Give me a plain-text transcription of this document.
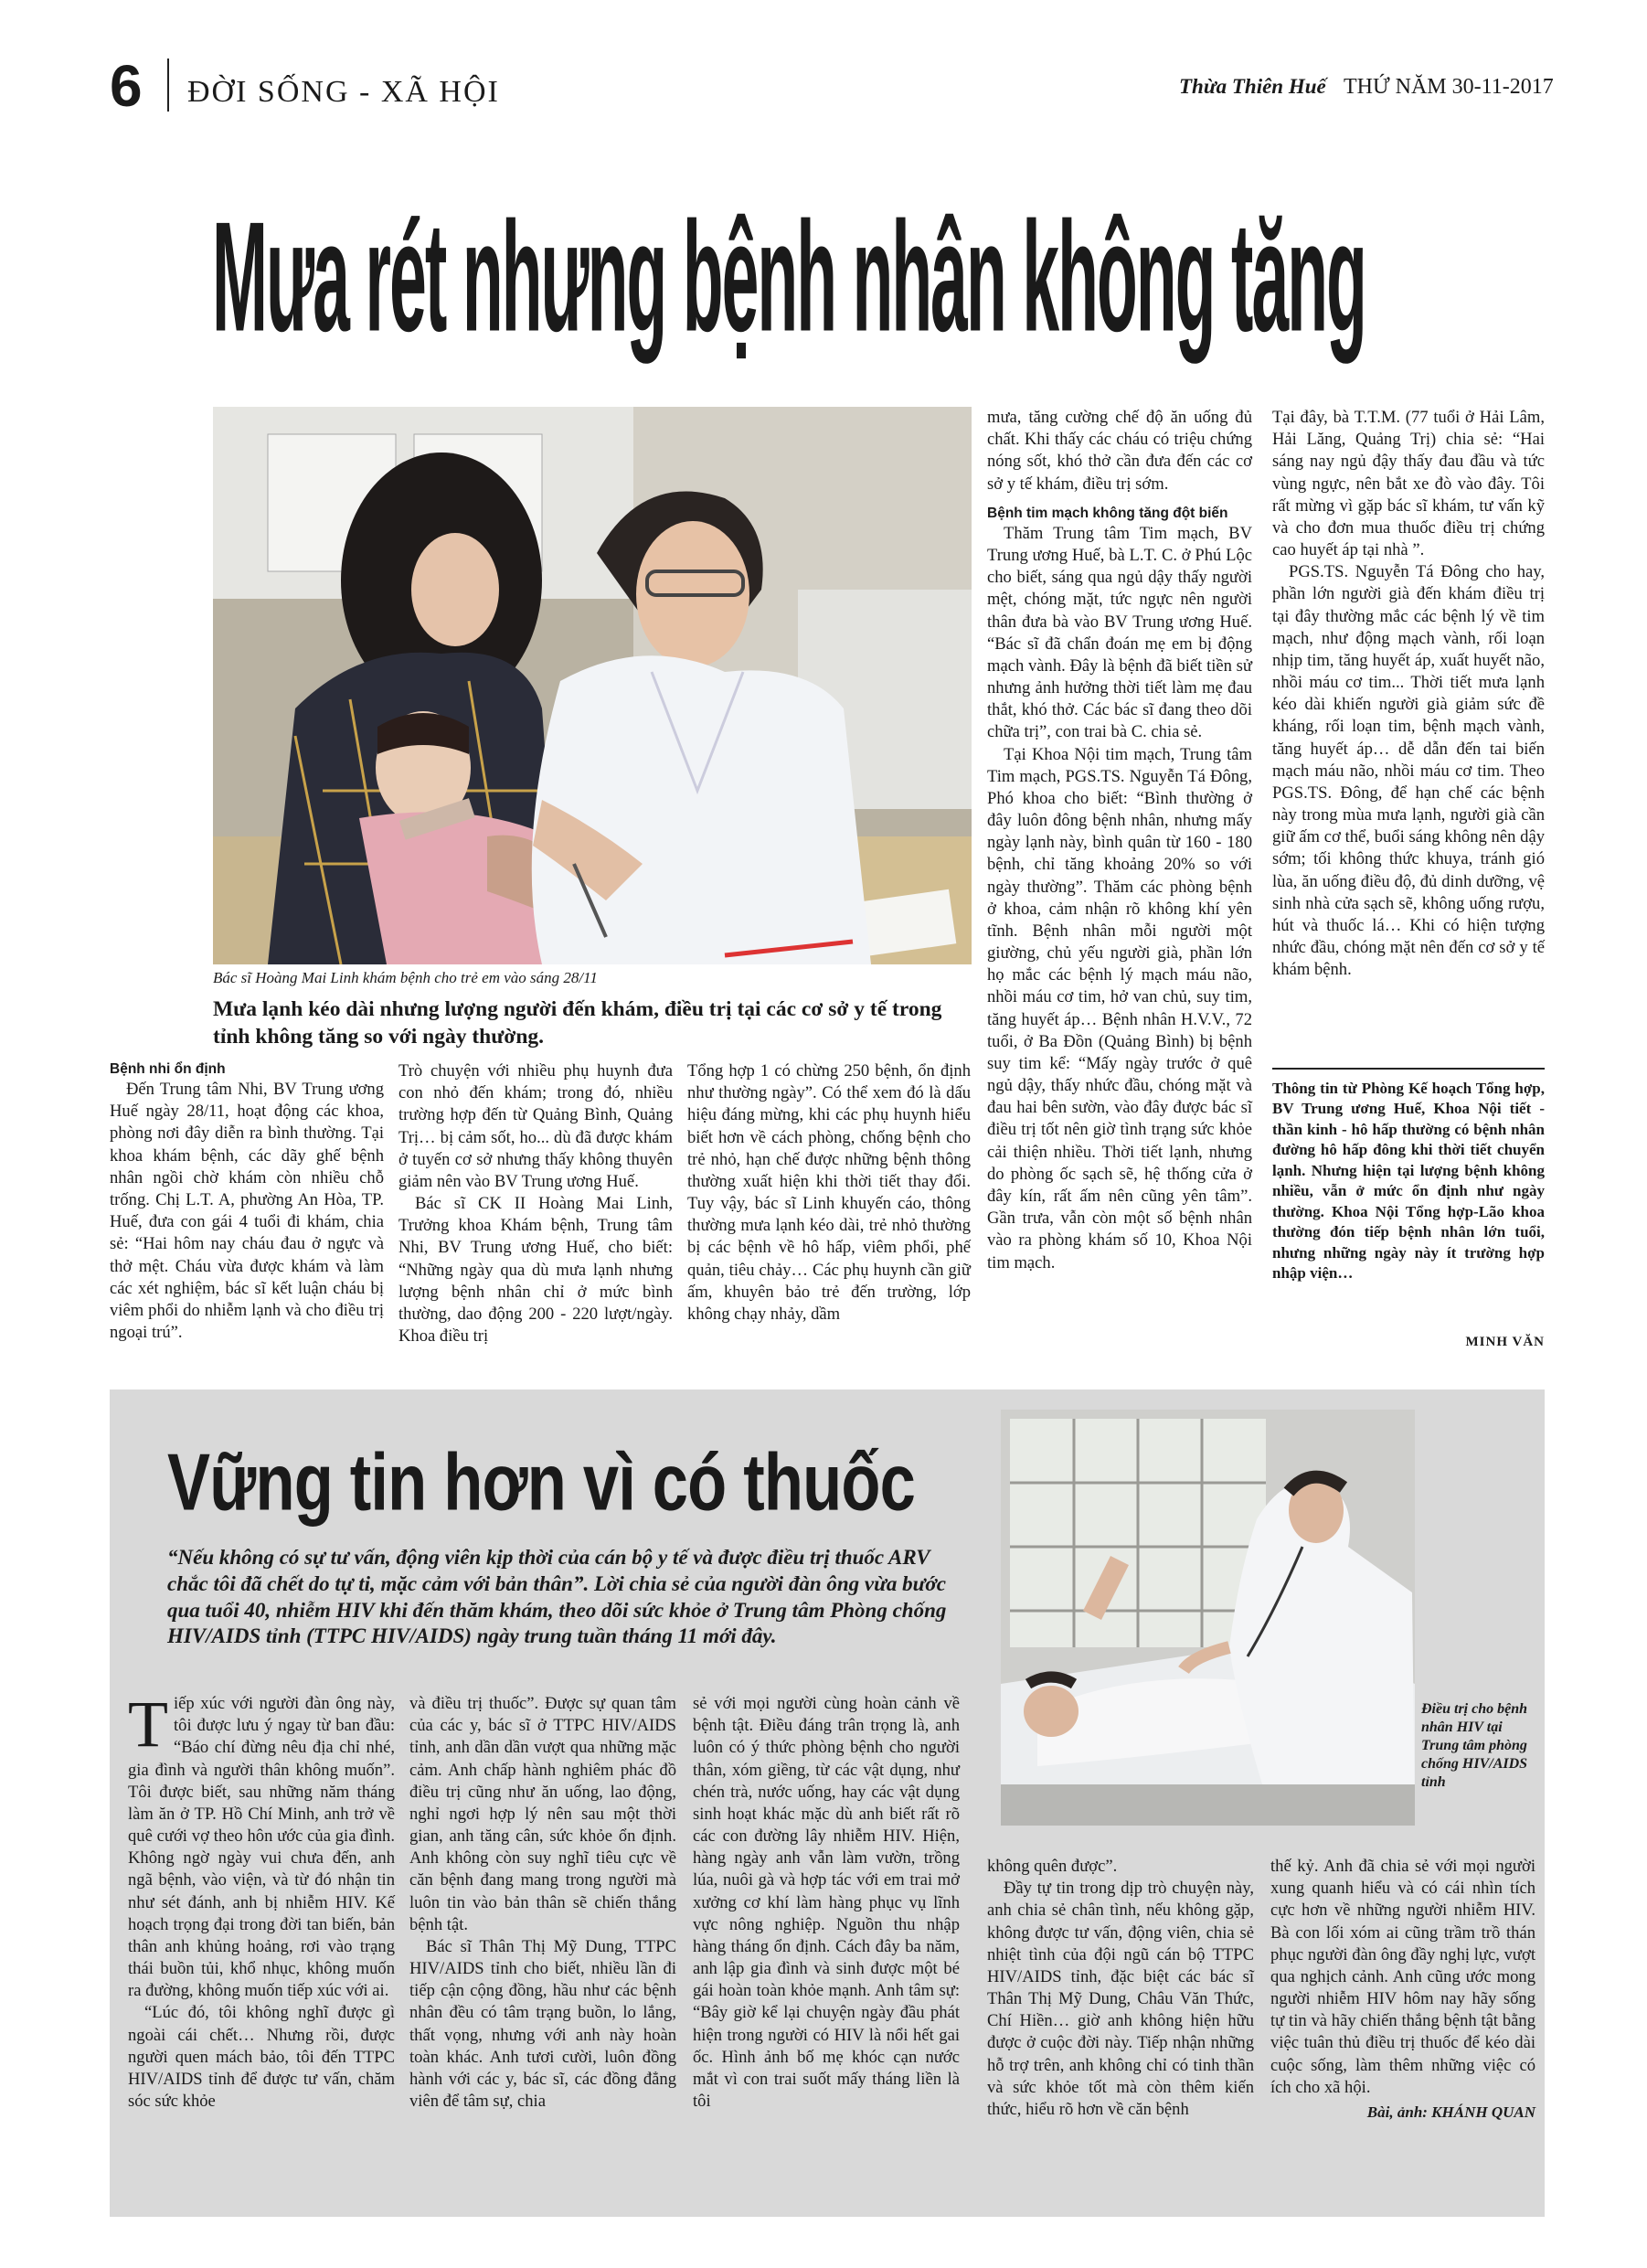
6 ĐỜI SỐNG - XÃ HỘI	Thừa Thiên Huế THỨ NĂM 30-11-2017
Mưa rét nhưng bệnh nhân không tăng
Bác sĩ Hoàng Mai Linh khám bệnh cho trẻ em vào sáng 28/11
Mưa lạnh kéo dài nhưng lượng người đến khám, điều trị tại các cơ sở y tế trong tỉnh không tăng so với ngày thường.
Bệnh nhi ổn định

Đến Trung tâm Nhi, BV Trung ương Huế ngày 28/11, hoạt động các khoa, phòng nơi đây diễn ra bình thường. Tại khoa khám bệnh, các dãy ghế bệnh nhân ngồi chờ khám còn nhiều chỗ trống. Chị L.T. A, phường An Hòa, TP. Huế, đưa con gái 4 tuổi đi khám, chia sẻ: “Hai hôm nay cháu đau ở ngực và thở mệt. Cháu vừa được khám và làm các xét nghiệm, bác sĩ kết luận cháu bị viêm phổi do nhiễm lạnh và cho điều trị ngoại trú”.

Trò chuyện với nhiều phụ huynh đưa con nhỏ đến khám; trong đó, nhiều trường hợp đến từ Quảng Bình, Quảng Trị… bị cảm sốt, ho... dù đã được khám ở tuyến cơ sở nhưng thấy không thuyên giảm nên vào BV Trung ương Huế.

Bác sĩ CK II Hoàng Mai Linh, Trưởng khoa Khám bệnh, Trung tâm Nhi, BV Trung ương Huế, cho biết: “Những ngày qua dù mưa lạnh nhưng lượng bệnh nhân chỉ ở mức bình thường, dao động 200 - 220 lượt/ngày. Khoa điều trị

Tổng hợp 1 có chừng 250 bệnh, ổn định như thường ngày”. Có thể xem đó là dấu hiệu đáng mừng, khi các phụ huynh hiểu biết hơn về cách phòng, chống bệnh cho trẻ nhỏ, hạn chế được những bệnh thông thường xuất hiện khi thời tiết thay đổi. Tuy vậy, bác sĩ Linh khuyến cáo, thông thường mưa lạnh kéo dài, trẻ nhỏ thường bị các bệnh về hô hấp, viêm phổi, phế quản, tiêu chảy… Các phụ huynh cần giữ ấm, khuyên bảo trẻ đến trường, lớp không chạy nhảy, dầm

mưa, tăng cường chế độ ăn uống đủ chất. Khi thấy các cháu có triệu chứng nóng sốt, khó thở cần đưa đến các cơ sở y tế khám, điều trị sớm.

Bệnh tim mạch không tăng đột biến

Thăm Trung tâm Tim mạch, BV Trung ương Huế, bà L.T. C. ở Phú Lộc cho biết, sáng qua ngủ dậy thấy người mệt, chóng mặt, tức ngực nên người thân đưa bà vào BV Trung ương Huế. “Bác sĩ đã chẩn đoán mẹ em bị động mạch vành. Đây là bệnh đã biết tiền sử nhưng ảnh hưởng thời tiết làm mẹ đau thắt, khó thở. Các bác sĩ đang theo dõi chữa trị”, con trai bà C. chia sẻ.

Tại Khoa Nội tim mạch, Trung tâm Tim mạch, PGS.TS. Nguyễn Tá Đông, Phó khoa cho biết: “Bình thường ở đây luôn đông bệnh nhân, nhưng mấy ngày lạnh này, bình quân từ 160 - 180 bệnh, chỉ tăng khoảng 20% so với ngày thường”. Thăm các phòng bệnh ở khoa, cảm nhận rõ không khí yên tĩnh. Bệnh nhân mỗi người một giường, chủ yếu người già, phần lớn họ mắc các bệnh lý mạch máu não, nhồi máu cơ tim, hở van chủ, suy tim, tăng huyết áp… Bệnh nhân H.V.V., 72 tuổi, ở Ba Đồn (Quảng Bình) bị bệnh suy tim kể: “Mấy ngày trước ở quê ngủ dậy, thấy nhức đầu, chóng mặt và đau hai bên sườn, vào đây được bác sĩ điều trị tốt nên giờ tình trạng sức khỏe cải thiện nhiều. Thời tiết lạnh, nhưng do phòng ốc sạch sẽ, hệ thống cửa ở đây kín, rất ấm nên cũng yên tâm”. Gần trưa, vẫn còn một số bệnh nhân vào ra phòng khám số 10, Khoa Nội tim mạch.

Tại đây, bà T.T.M. (77 tuổi ở Hải Lâm, Hải Lăng, Quảng Trị) chia sẻ: “Hai sáng nay ngủ đậy thấy đau đầu và tức vùng ngực, nên bắt xe đò vào đây. Tôi rất mừng vì gặp bác sĩ khám, tư vấn kỹ và cho đơn mua thuốc điều trị chứng cao huyết áp tại nhà ”.

PGS.TS. Nguyễn Tá Đông cho hay, phần lớn người già đến khám điều trị tại đây thường mắc các bệnh lý về tim mạch, như động mạch vành, rối loạn nhịp tim, tăng huyết áp, xuất huyết não, nhồi máu cơ tim... Thời tiết mưa lạnh kéo dài khiến người già giảm sức đề kháng, rối loạn tim, bệnh mạch vành, tăng huyết áp… dễ dẫn đến tai biến mạch máu não, nhồi máu cơ tim. Theo PGS.TS. Đông, để hạn chế các bệnh này trong mùa mưa lạnh, người già cần giữ ấm cơ thể, buổi sáng không nên dậy sớm; tối không thức khuya, tránh gió lùa, ăn uống điều độ, đủ dinh dưỡng, vệ sinh nhà cửa sạch sẽ, không uống rượu, hút và thuốc lá… Khi có hiện tượng nhức đầu, chóng mặt nên đến cơ sở y tế khám bệnh.

Thông tin từ Phòng Kế hoạch Tổng hợp, BV Trung ương Huế, Khoa Nội tiết - thần kinh - hô hấp thường có bệnh nhân đường hô hấp đông khi thời tiết chuyển lạnh. Nhưng hiện tại lượng bệnh không nhiều, vẫn ở mức ổn định như ngày thường. Khoa Nội Tổng hợp-Lão khoa thường đón tiếp bệnh nhân lớn tuổi, nhưng những ngày này ít trường hợp nhập viện…
MINH VĂN
Vững tin hơn vì có thuốc
“Nếu không có sự tư vấn, động viên kịp thời của cán bộ y tế và được điều trị thuốc ARV chắc tôi đã chết do tự ti, mặc cảm với bản thân”. Lời chia sẻ của người đàn ông vừa bước qua tuổi 40, nhiễm HIV khi đến thăm khám, theo dõi sức khỏe ở Trung tâm Phòng chống HIV/AIDS tỉnh (TTPC HIV/AIDS) ngày trung tuần tháng 11 mới đây.
Điều trị cho bệnh nhân HIV tại Trung tâm phòng chống HIV/AIDS tỉnh
T iếp xúc với người đàn ông này, tôi được lưu ý ngay từ ban đầu: “Báo chí đừng nêu địa chỉ nhé, gia đình và người thân không muốn”. Tôi được biết, sau những năm tháng làm ăn ở TP. Hồ Chí Minh, anh trở về quê cưới vợ theo hôn ước của gia đình. Không ngờ ngày vui chưa đến, anh ngã bệnh, vào viện, và từ đó nhận tin như sét đánh, anh bị nhiễm HIV. Kế hoạch trọng đại trong đời tan biến, bản thân anh khủng hoảng, rơi vào trạng thái buồn tủi, khổ nhục, không muốn ra đường, không muốn tiếp xúc với ai.

“Lúc đó, tôi không nghĩ được gì ngoài cái chết… Nhưng rồi, được người quen mách bảo, tôi đến TTPC HIV/AIDS tỉnh để được tư vấn, chăm sóc sức khỏe

và điều trị thuốc”. Được sự quan tâm của các y, bác sĩ ở TTPC HIV/AIDS tỉnh, anh dần dần vượt qua những mặc cảm. Anh chấp hành nghiêm phác đồ điều trị cũng như ăn uống, lao động, nghỉ ngơi hợp lý nên sau một thời gian, anh tăng cân, sức khỏe ổn định. Anh không còn suy nghĩ tiêu cực về căn bệnh đang mang trong người mà luôn tin vào bản thân sẽ chiến thắng bệnh tật.

Bác sĩ Thân Thị Mỹ Dung, TTPC HIV/AIDS tỉnh cho biết, nhiều lần đi tiếp cận cộng đồng, hầu như các bệnh nhân đều có tâm trạng buồn, lo lắng, thất vọng, nhưng với anh này hoàn toàn khác. Anh tươi cười, luôn đồng hành với các y, bác sĩ, các đồng đẳng viên để tâm sự, chia

sẻ với mọi người cùng hoàn cảnh về bệnh tật. Điều đáng trân trọng là, anh luôn có ý thức phòng bệnh cho người thân, xóm giềng, từ các vật dụng, như chén trà, nước uống, hay các vật dụng sinh hoạt khác mặc dù anh biết rất rõ các con đường lây nhiễm HIV. Hiện, hàng ngày anh vẫn làm vườn, trồng lúa, nuôi gà và hợp tác với em trai mở xưởng cơ khí làm hàng phục vụ lĩnh vực nông nghiệp. Nguồn thu nhập hàng tháng ổn định. Cách đây ba năm, anh lập gia đình và sinh được một bé gái hoàn toàn khỏe mạnh. Anh tâm sự: “Bây giờ kể lại chuyện ngày đầu phát hiện trong người có HIV là nổi hết gai ốc. Hình ảnh bố mẹ khóc cạn nước mắt vì con trai suốt mấy tháng liền là tôi

không quên được”.

Đầy tự tin trong dịp trò chuyện này, anh chia sẻ chân tình, nếu không gặp, không được tư vấn, động viên, chia sẻ nhiệt tình của đội ngũ cán bộ TTPC HIV/AIDS tỉnh, đặc biệt các bác sĩ Thân Thị Mỹ Dung, Châu Văn Thức, Chí Hiền… giờ anh không hiện hữu được ở cuộc đời này. Tiếp nhận những hỗ trợ trên, anh không chỉ có tinh thần và sức khỏe tốt mà còn thêm kiến thức, hiểu rõ hơn về căn bệnh

thế kỷ. Anh đã chia sẻ với mọi người xung quanh hiểu và có cái nhìn tích cực hơn về những người nhiễm HIV. Bà con lối xóm ai cũng trầm trồ thán phục người đàn ông đầy nghị lực, vượt qua nghịch cảnh. Anh cũng ước mong người nhiễm HIV hôm nay hãy sống tự tin và hãy chiến thắng bệnh tật bằng việc tuân thủ điều trị thuốc để kéo dài cuộc sống, làm thêm những việc có ích cho xã hội.

Bài, ảnh: KHÁNH QUAN
